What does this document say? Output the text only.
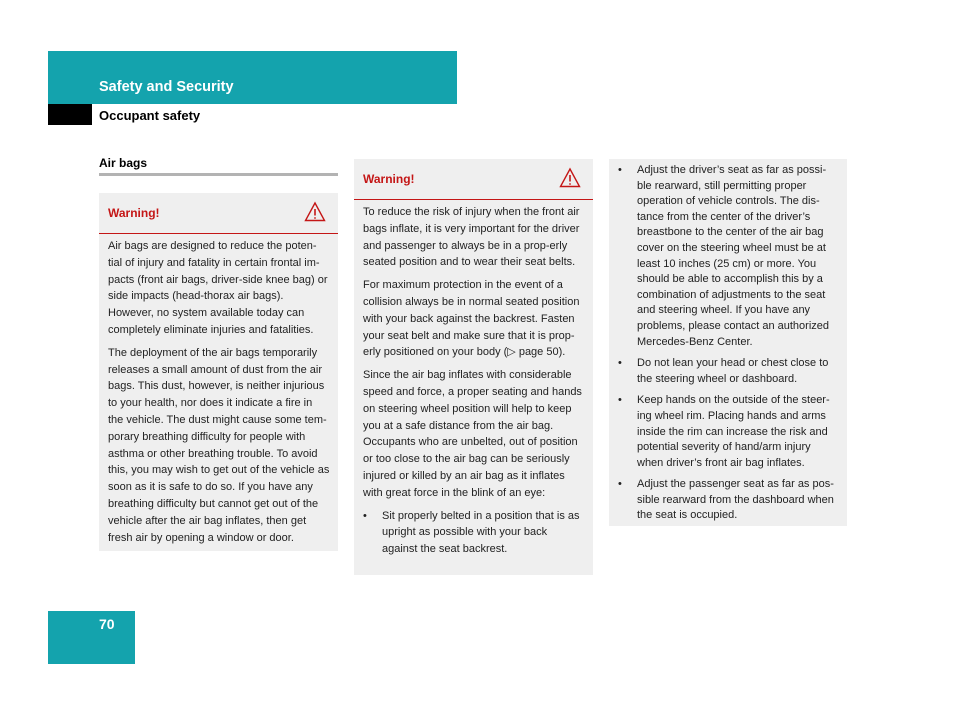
Safety and Security
Occupant safety
Air bags
Warning!

Air bags are designed to reduce the poten-tial of injury and fatality in certain frontal im-pacts (front air bags, driver-side knee bag) or side impacts (head-thorax air bags). However, no system available today can completely eliminate injuries and fatalities.

The deployment of the air bags temporarily releases a small amount of dust from the air bags. This dust, however, is neither injurious to your health, nor does it indicate a fire in the vehicle. The dust might cause some tem-porary breathing difficulty for people with asthma or other breathing trouble. To avoid this, you may wish to get out of the vehicle as soon as it is safe to do so. If you have any breathing difficulty but cannot get out of the vehicle after the air bag inflates, then get fresh air by opening a window or door.

Warning!

To reduce the risk of injury when the front air bags inflate, it is very important for the driver and passenger to always be in a prop-erly seated position and to wear their seat belts.

For maximum protection in the event of a collision always be in normal seated position with your back against the backrest. Fasten your seat belt and make sure that it is prop-erly positioned on your body (▷ page 50).

Since the air bag inflates with considerable speed and force, a proper seating and hands on steering wheel position will help to keep you at a safe distance from the air bag. Occupants who are unbelted, out of position or too close to the air bag can be seriously injured or killed by an air bag as it inflates with great force in the blink of an eye:

• Sit properly belted in a position that is as upright as possible with your back against the seat backrest.
• Adjust the driver’s seat as far as possi-ble rearward, still permitting proper operation of vehicle controls. The dis-tance from the center of the driver’s breastbone to the center of the air bag cover on the steering wheel must be at least 10 inches (25 cm) or more. You should be able to accomplish this by a combination of adjustments to the seat and steering wheel. If you have any problems, please contact an authorized Mercedes-Benz Center.
• Do not lean your head or chest close to the steering wheel or dashboard.
• Keep hands on the outside of the steer-ing wheel rim. Placing hands and arms inside the rim can increase the risk and potential severity of hand/arm injury when driver’s front air bag inflates.
• Adjust the passenger seat as far as pos-sible rearward from the dashboard when the seat is occupied.
70
